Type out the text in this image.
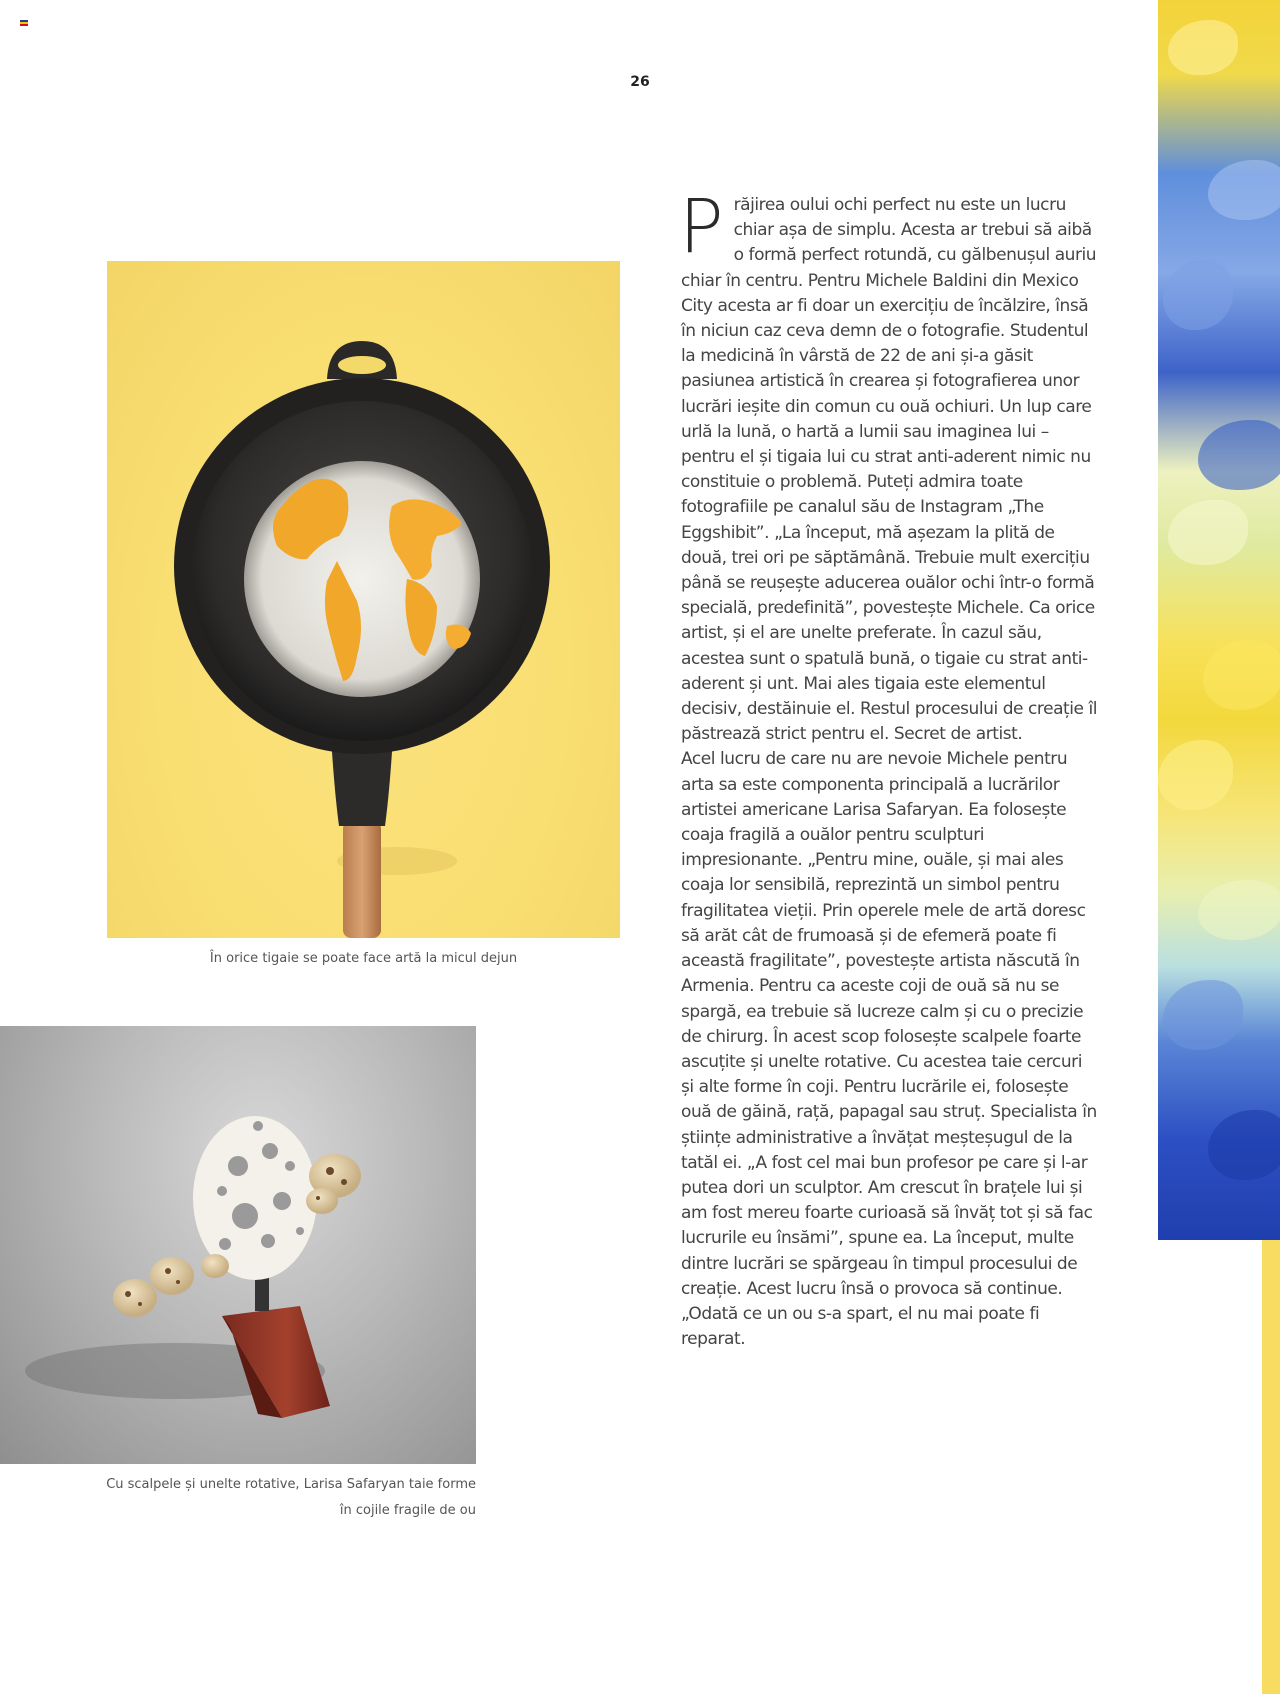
26
În orice tigaie se poate face artă la micul dejun
Cu scalpele și unelte rotative, Larisa Safaryan taie forme
în cojile fragile de ou
P răjirea oului ochi perfect nu este un lucru chiar așa de simplu. Acesta ar trebui să aibă o formă perfect rotundă, cu gălbenușul auriu chiar în centru. Pentru Michele Baldini din Mexico City acesta ar fi doar un exercițiu de încălzire, însă în niciun caz ceva demn de o fotografie. Studentul la medicină în vârstă de 22 de ani și-a găsit pasiunea artistică în crearea și fotografierea unor lucrări ieșite din comun cu ouă ochiuri. Un lup care urlă la lună, o hartă a lumii sau imaginea lui – pentru el și tigaia lui cu strat anti-aderent nimic nu constituie o problemă. Puteți admira toate fotografiile pe canalul său de Instagram „The Eggshibit”. „La început, mă așezam la plită de două, trei ori pe săptămână. Trebuie mult exercițiu până se reușește aducerea ouălor ochi într-o formă specială, predefinită”, povestește Michele. Ca orice artist, și el are unelte preferate. În cazul său, acestea sunt o spatulă bună, o tigaie cu strat anti-aderent și unt. Mai ales tigaia este elementul decisiv, destăinuie el. Restul procesului de creație îl păstrează strict pentru el. Secret de artist.

Acel lucru de care nu are nevoie Michele pentru arta sa este componenta principală a lucrărilor artistei americane Larisa Safaryan. Ea folosește coaja fragilă a ouălor pentru sculpturi impresionante. „Pentru mine, ouăle, și mai ales coaja lor sensibilă, reprezintă un simbol pentru fragilitatea vieții. Prin operele mele de artă doresc să arăt cât de frumoasă și de efemeră poate fi această fragilitate”, povestește artista născută în Armenia. Pentru ca aceste coji de ouă să nu se spargă, ea trebuie să lucreze calm și cu o precizie de chirurg. În acest scop folosește scalpele foarte ascuțite și unelte rotative. Cu acestea taie cercuri și alte forme în coji. Pentru lucrările ei, folosește ouă de găină, rață, papagal sau struț. Specialista în științe administrative a învățat meșteșugul de la tatăl ei. „A fost cel mai bun profesor pe care și l-ar putea dori un sculptor. Am crescut în brațele lui și am fost mereu foarte curioasă să învăț tot și să fac lucrurile eu însămi”, spune ea. La început, multe dintre lucrări se spărgeau în timpul procesului de creație. Acest lucru însă o provoca să continue. „Odată ce un ou s-a spart, el nu mai poate fi reparat.
